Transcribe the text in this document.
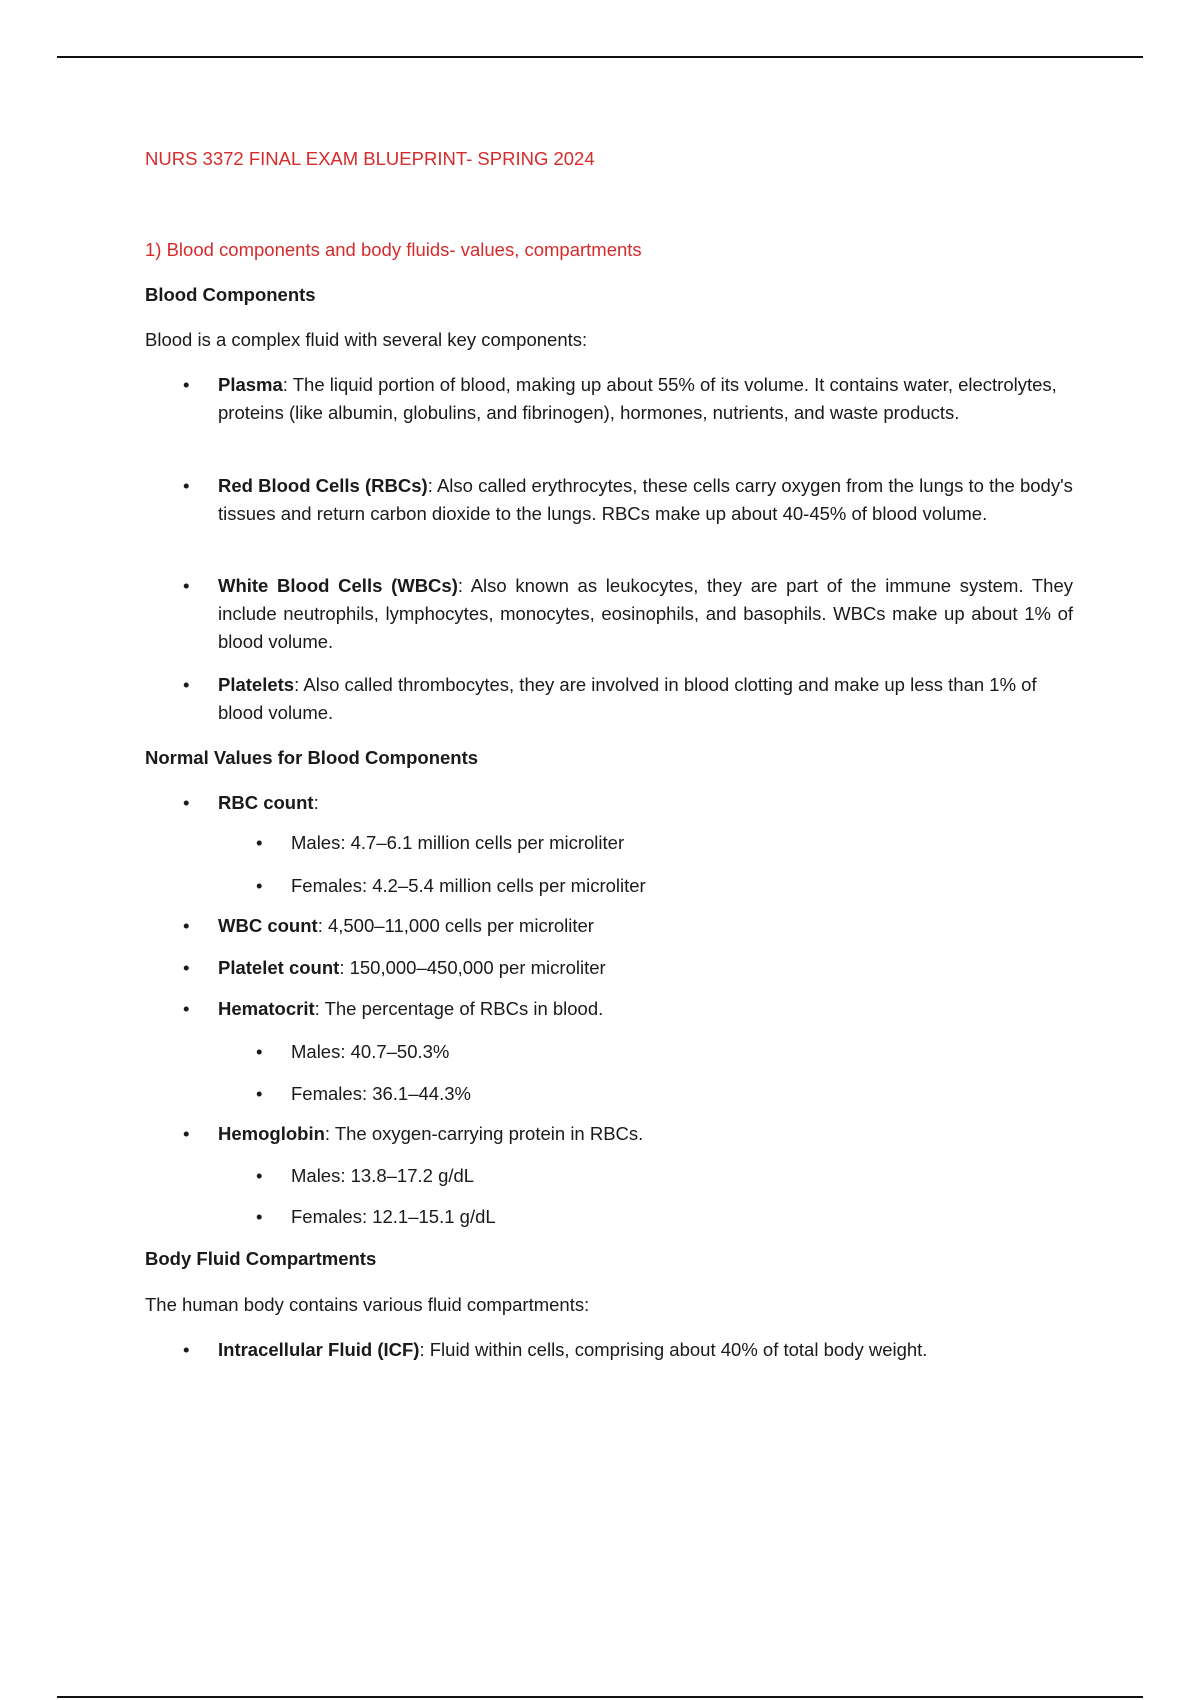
NURS 3372 FINAL EXAM BLUEPRINT- SPRING 2024
1) Blood components and body fluids- values, compartments
Blood Components
Blood is a complex fluid with several key components:
•	Plasma: The liquid portion of blood, making up about 55% of its volume. It contains water, electrolytes, proteins (like albumin, globulins, and fibrinogen), hormones, nutrients, and waste products.
•	Red Blood Cells (RBCs): Also called erythrocytes, these cells carry oxygen from the lungs to the body's tissues and return carbon dioxide to the lungs. RBCs make up about 40-45% of blood volume.
•	White Blood Cells (WBCs): Also known as leukocytes, they are part of the immune system. They include neutrophils, lymphocytes, monocytes, eosinophils, and basophils. WBCs make up about 1% of blood volume.
•	Platelets: Also called thrombocytes, they are involved in blood clotting and make up less than 1% of blood volume.
Normal Values for Blood Components
•	RBC count:
•	Males: 4.7–6.1 million cells per microliter
•	Females: 4.2–5.4 million cells per microliter
•	WBC count: 4,500–11,000 cells per microliter
•	Platelet count: 150,000–450,000 per microliter
•	Hematocrit: The percentage of RBCs in blood.
•	Males: 40.7–50.3%
•	Females: 36.1–44.3%
•	Hemoglobin: The oxygen-carrying protein in RBCs.
•	Males: 13.8–17.2 g/dL
•	Females: 12.1–15.1 g/dL
Body Fluid Compartments
The human body contains various fluid compartments:
•	Intracellular Fluid (ICF): Fluid within cells, comprising about 40% of total body weight.
